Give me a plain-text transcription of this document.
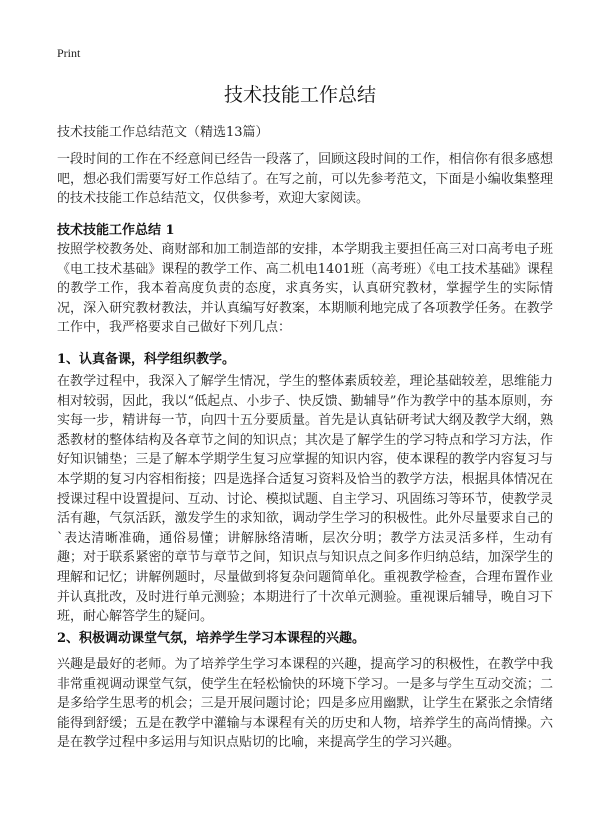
Print
技术技能工作总结
技术技能工作总结范文（精选13篇）
一段时间的工作在不经意间已经告一段落了，回顾这段时间的工作，相信你有很多感想吧，想必我们需要写好工作总结了。在写之前，可以先参考范文，下面是小编收集整理的技术技能工作总结范文，仅供参考，欢迎大家阅读。
技术技能工作总结 1
按照学校教务处、商财部和加工制造部的安排，本学期我主要担任高三对口高考电子班《电工技术基础》课程的教学工作、高二机电1401班（高考班）《电工技术基础》课程的教学工作，我本着高度负责的态度，求真务实，认真研究教材，掌握学生的实际情况，深入研究教材教法，并认真编写好教案，本期顺利地完成了各项教学任务。在教学工作中，我严格要求自己做好下列几点：
1、认真备课，科学组织教学。
在教学过程中，我深入了解学生情况，学生的整体素质较差，理论基础较差，思维能力相对较弱，因此，我以“低起点、小步子、快反馈、勤辅导”作为教学中的基本原则，夯实每一步，精讲每一节，向四十五分要质量。首先是认真钻研考试大纲及教学大纲，熟悉教材的整体结构及各章节之间的知识点；其次是了解学生的学习特点和学习方法，作好知识铺垫；三是了解本学期学生复习应掌握的知识内容，使本课程的教学内容复习与本学期的复习内容相衔接；四是选择合适复习资料及恰当的教学方法，根据具体情况在授课过程中设置提问、互动、讨论、模拟试题、自主学习、巩固练习等环节，使教学灵活有趣，气氛活跃，激发学生的求知欲，调动学生学习的积极性。此外尽量要求自己的`表达清晰准确，通俗易懂；讲解脉络清晰，层次分明；教学方法灵活多样，生动有趣；对于联系紧密的章节与章节之间，知识点与知识点之间多作归纳总结，加深学生的理解和记忆；讲解例题时，尽量做到将复杂问题简单化。重视教学检查，合理布置作业并认真批改，及时进行单元测验；本期进行了十次单元测验。重视课后辅导，晚自习下班，耐心解答学生的疑问。
2、积极调动课堂气氛，培养学生学习本课程的兴趣。
兴趣是最好的老师。为了培养学生学习本课程的兴趣，提高学习的积极性，在教学中我非常重视调动课堂气氛，使学生在轻松愉快的环境下学习。一是多与学生互动交流；二是多给学生思考的机会；三是开展问题讨论；四是多应用幽默，让学生在紧张之余情绪能得到舒缓；五是在教学中灌输与本课程有关的历史和人物，培养学生的高尚情操。六是在教学过程中多运用与知识点贴切的比喻，来提高学生的学习兴趣。
